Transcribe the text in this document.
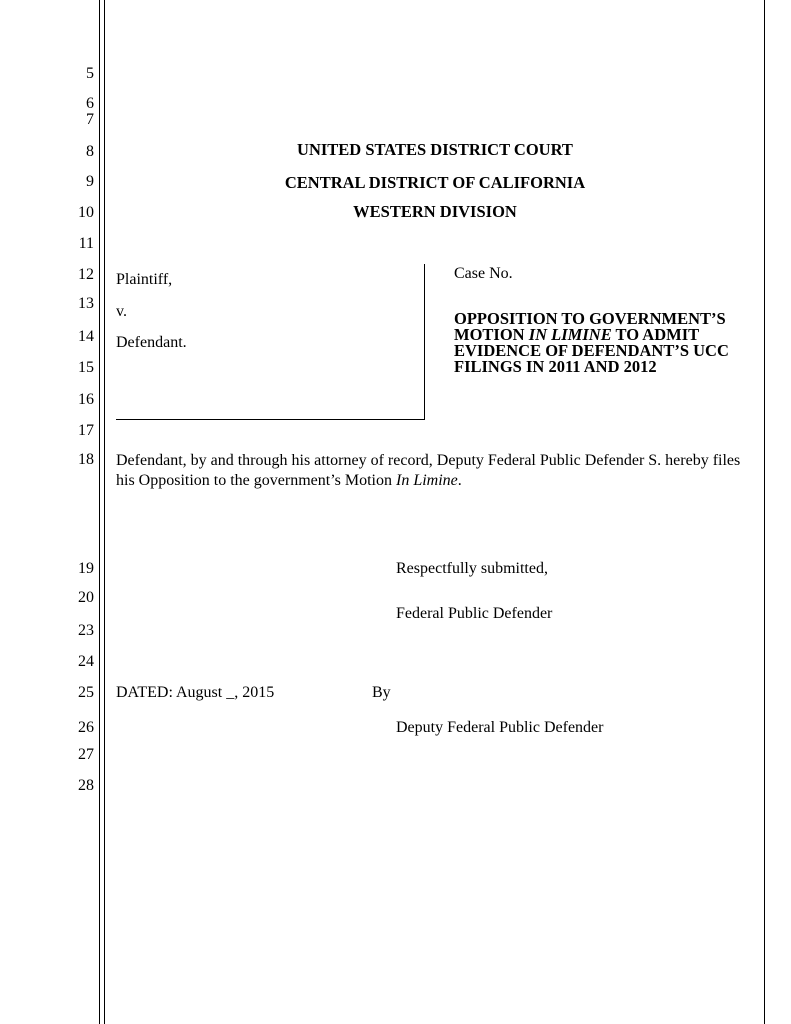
5
6
7
8
9
10
11
12
13
14
15
16
17
18
19
20
23
24
25
26
27
28
UNITED STATES DISTRICT COURT
CENTRAL DISTRICT OF CALIFORNIA
WESTERN DIVISION
Plaintiff,
v.
Defendant.
Case No.
OPPOSITION TO GOVERNMENT’S
MOTION IN LIMINE TO ADMIT
EVIDENCE OF DEFENDANT’S UCC
FILINGS IN 2011 AND 2012
Defendant, by and through his attorney of record, Deputy Federal Public Defender S. hereby files his Opposition to the government’s Motion In Limine.
Respectfully submitted,
Federal Public Defender
DATED: August _, 2015	By
Deputy Federal Public Defender
